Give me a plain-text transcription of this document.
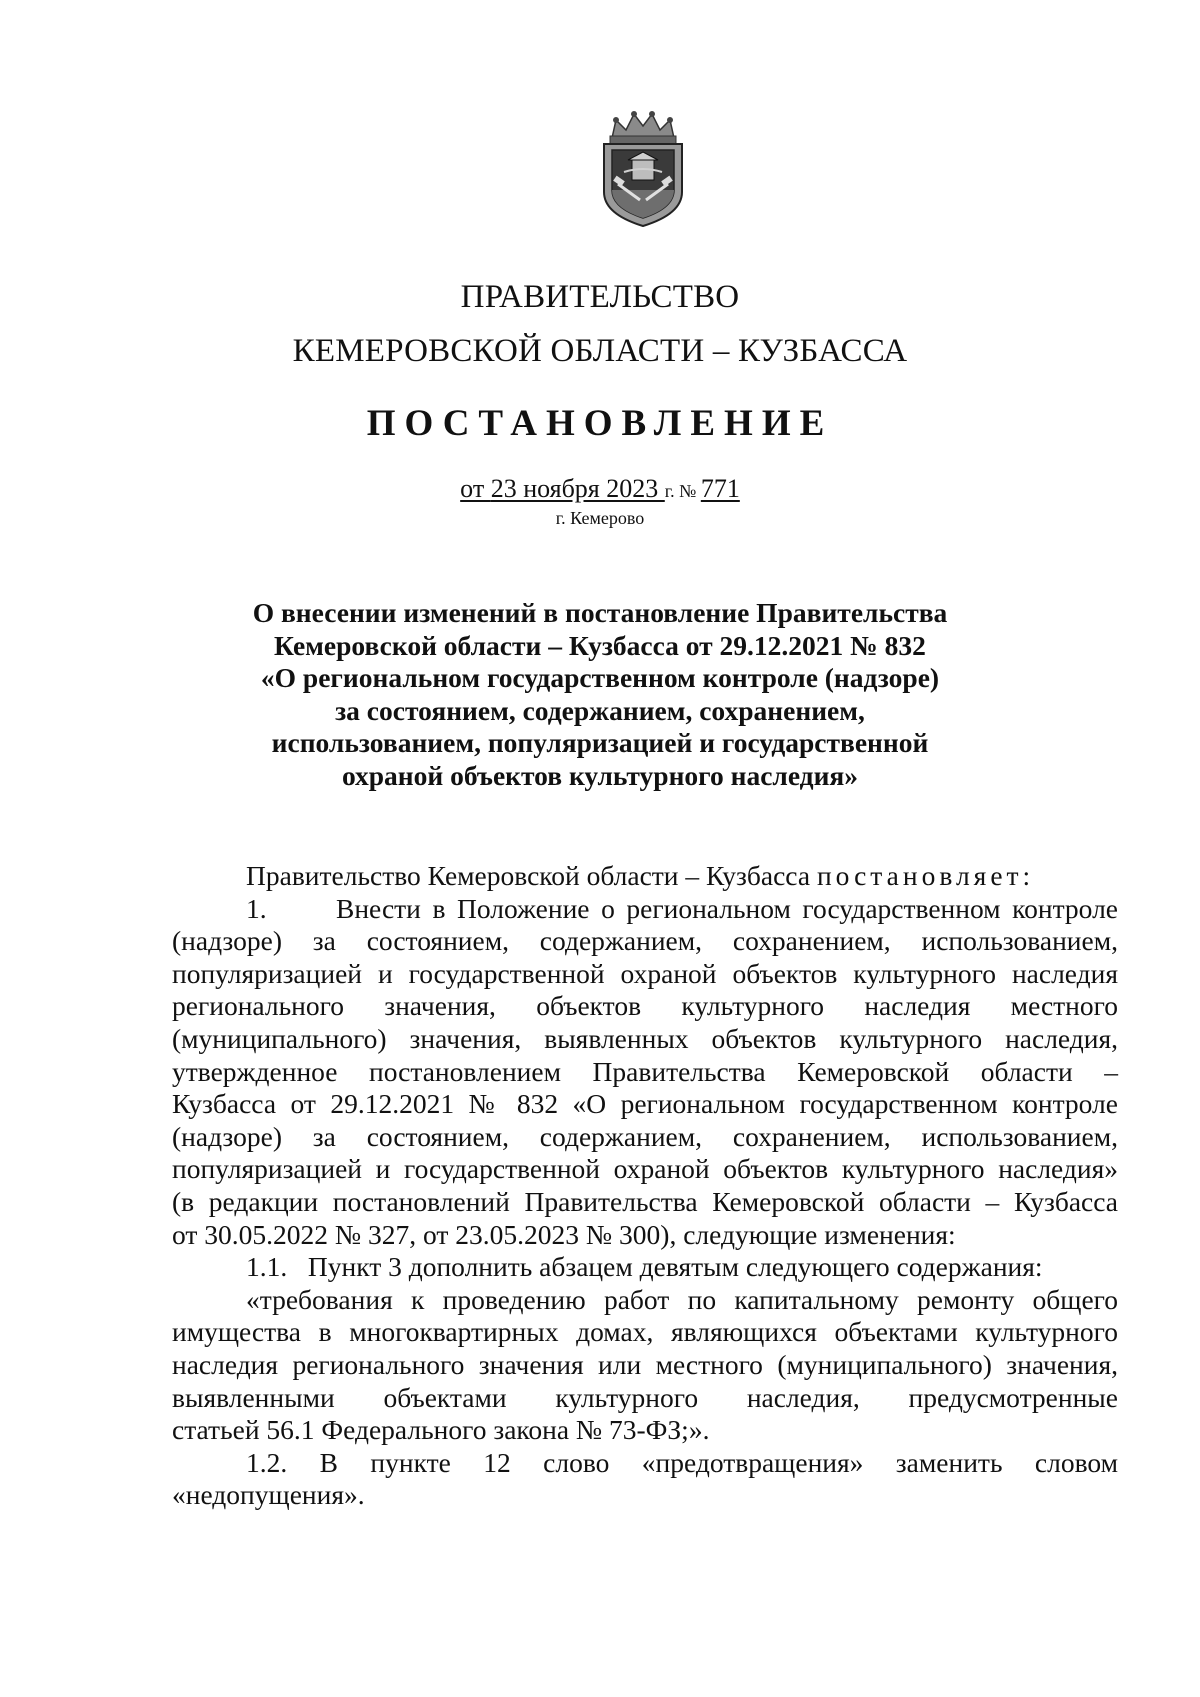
ПРАВИТЕЛЬСТВО
КЕМЕРОВСКОЙ ОБЛАСТИ – КУЗБАССА
ПОСТАНОВЛЕНИЕ
от 23 ноября 2023 г. № 771
г. Кемерово
О внесении изменений в постановление Правительства
Кемеровской области – Кузбасса от 29.12.2021 № 832
«О региональном государственном контроле (надзоре)
за состоянием, содержанием, сохранением,
использованием, популяризацией и государственной
охраной объектов культурного наследия»
Правительство Кемеровской области – Кузбасса постановляет:
1.      Внести в Положение о региональном государственном контроле
(надзоре) за состоянием, содержанием, сохранением, использованием,
популяризацией и государственной охраной объектов культурного наследия
регионального значения, объектов культурного наследия местного
(муниципального) значения, выявленных объектов культурного наследия,
утвержденное постановлением Правительства Кемеровской области –
Кузбасса от 29.12.2021 № 832 «О региональном государственном контроле
(надзоре) за состоянием, содержанием, сохранением, использованием,
популяризацией и государственной охраной объектов культурного наследия»
(в редакции постановлений Правительства Кемеровской области – Кузбасса
от 30.05.2022 № 327, от 23.05.2023 № 300), следующие изменения:
1.1.   Пункт 3 дополнить абзацем девятым следующего содержания:
«требования к проведению работ по капитальному ремонту общего
имущества в многоквартирных домах, являющихся объектами культурного
наследия регионального значения или местного (муниципального) значения,
выявленными объектами культурного наследия, предусмотренные
статьей 56.1 Федерального закона № 73-ФЗ;».
1.2. В пункте 12 слово «предотвращения» заменить словом
«недопущения».
